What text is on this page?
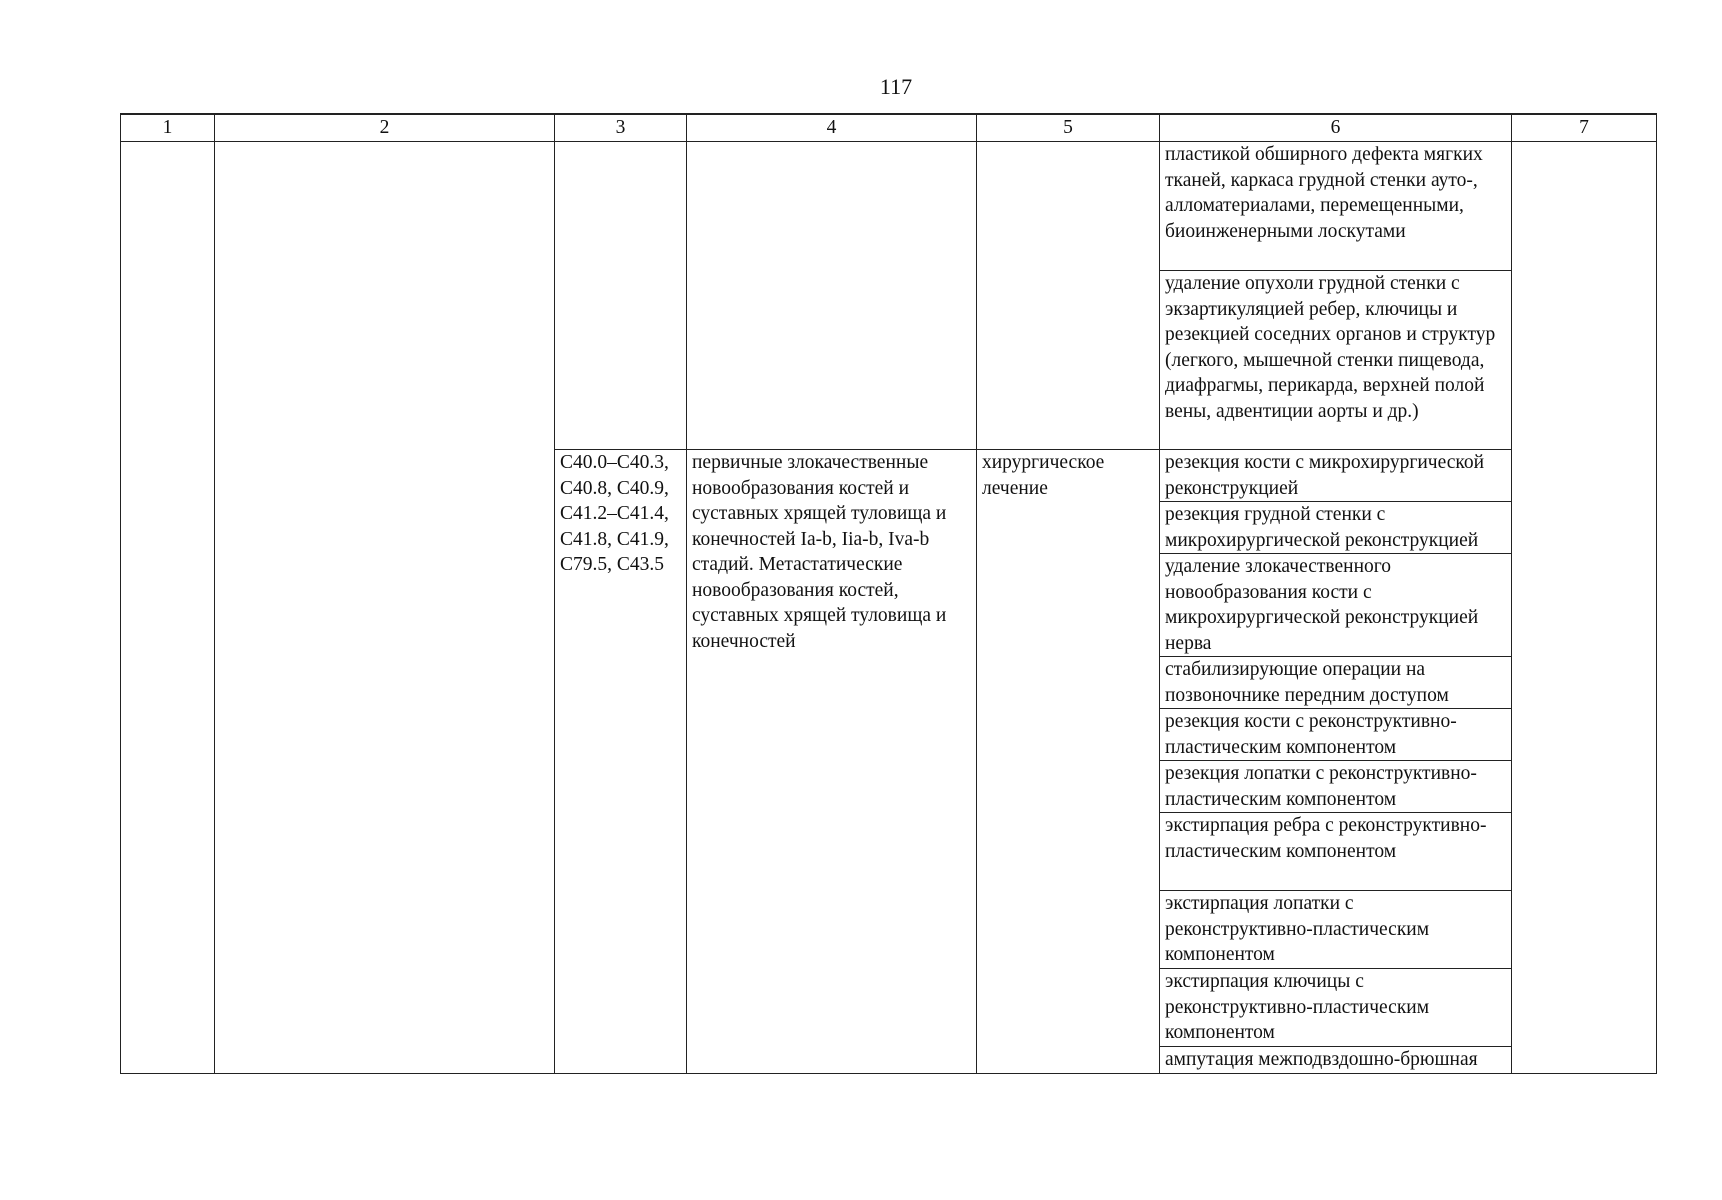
117
1	2	3	4	5	6	7
					пластикой обширного дефекта мягких тканей, каркаса грудной стенки ауто-, алломатериалами, перемещенными, биоинженерными лоскутами	
					удаление опухоли грудной стенки с экзартикуляцией ребер, ключицы и резекцией соседних органов и структур (легкого, мышечной стенки пищевода, диафрагмы, перикарда, верхней полой вены, адвентиции аорты и др.)	
		C40.0–C40.3, C40.8, C40.9, C41.2–C41.4, C41.8, C41.9, C79.5, C43.5	первичные злокачественные новообразования костей и суставных хрящей туловища и конечностей Ia-b, Iia-b, Iva-b стадий. Метастатические новообразования костей, суставных хрящей туловища и конечностей	хирургическое лечение	резекция кости с микрохирургической реконструкцией	
					резекция грудной стенки с микрохирургической реконструкцией	
					удаление злокачественного новообразования кости с микрохирургической реконструкцией нерва	
					стабилизирующие операции на позвоночнике передним доступом	
					резекция кости с реконструктивно-пластическим компонентом	
					резекция лопатки с реконструктивно-пластическим компонентом	
					экстирпация ребра с реконструктивно-пластическим компонентом	
					экстирпация лопатки с реконструктивно-пластическим компонентом	
					экстирпация ключицы с реконструктивно-пластическим компонентом	
					ампутация межподвздошно-брюшная	
